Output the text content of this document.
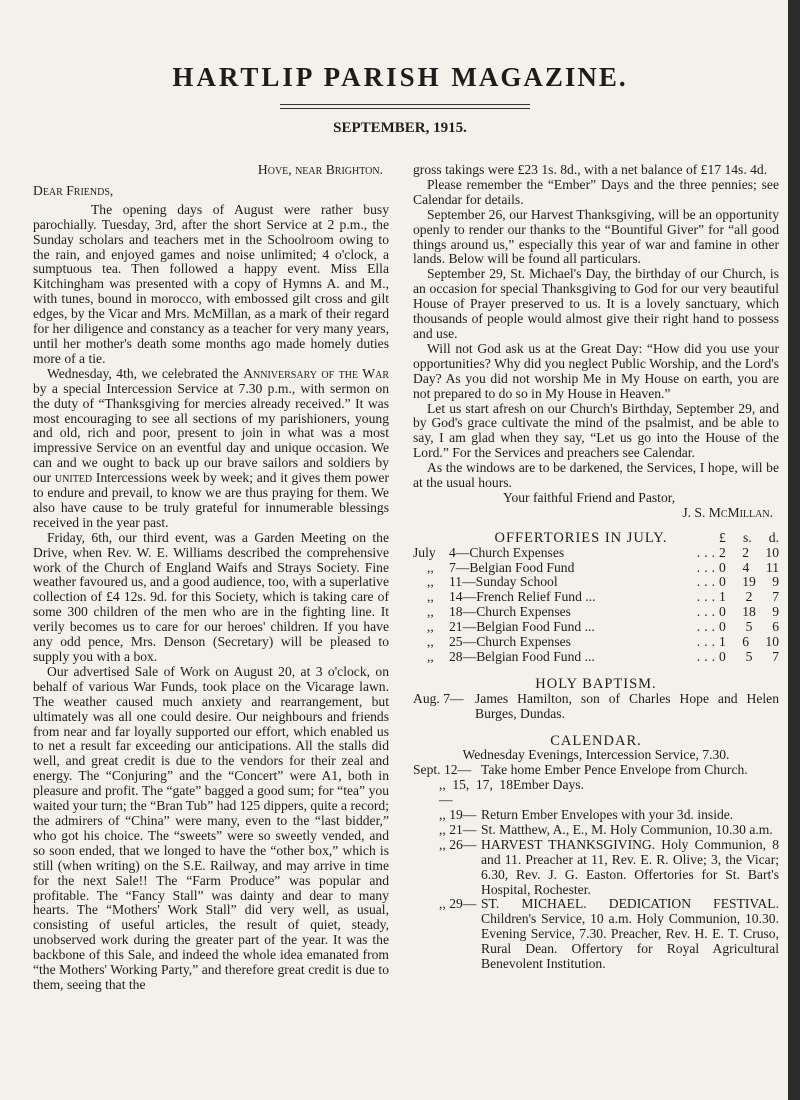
HARTLIP PARISH MAGAZINE.
SEPTEMBER, 1915.

Hove, near Brighton.

Dear Friends,

The opening days of August were rather busy parochially. Tuesday, 3rd, after the short Service at 2 p.m., the Sunday scholars and teachers met in the Schoolroom owing to the rain, and enjoyed games and noise unlimited; 4 o'clock, a sumptuous tea. Then followed a happy event. Miss Ella Kitchingham was presented with a copy of Hymns A. and M., with tunes, bound in morocco, with embossed gilt cross and gilt edges, by the Vicar and Mrs. McMillan, as a mark of their regard for her diligence and constancy as a teacher for very many years, until her mother's death some months ago made homely duties more of a tie.

Wednesday, 4th, we celebrated the Anniversary of the War by a special Intercession Service at 7.30 p.m., with sermon on the duty of “Thanksgiving for mercies already received.” It was most encouraging to see all sections of my parishioners, young and old, rich and poor, present to join in what was a most impressive Service on an eventful day and unique occasion. We can and we ought to back up our brave sailors and soldiers by our united Intercessions week by week; and it gives them power to endure and prevail, to know we are thus praying for them. We also have cause to be truly grateful for innumerable blessings received in the year past.

Friday, 6th, our third event, was a Garden Meeting on the Drive, when Rev. W. E. Williams described the comprehensive work of the Church of England Waifs and Strays Society. Fine weather favoured us, and a good audience, too, with a superlative collection of £4 12s. 9d. for this Society, which is taking care of some 300 children of the men who are in the fighting line. It verily becomes us to care for our heroes' children. If you have any odd pence, Mrs. Denson (Secretary) will be pleased to supply you with a box.

Our advertised Sale of Work on August 20, at 3 o'clock, on behalf of various War Funds, took place on the Vicarage lawn. The weather caused much anxiety and rearrangement, but ultimately was all one could desire. Our neighbours and friends from near and far loyally supported our effort, which enabled us to net a result far exceeding our anticipations. All the stalls did well, and great credit is due to the vendors for their zeal and energy. The “Conjuring” and the “Concert” were A1, both in pleasure and profit. The “gate” bagged a good sum; for “tea” you waited your turn; the “Bran Tub” had 125 dippers, quite a record; the admirers of “China” were many, even to the “last bidder,” who got his choice. The “sweets” were so sweetly vended, and so soon ended, that we longed to have the “other box,” which is still (when writing) on the S.E. Railway, and may arrive in time for the next Sale!! The “Farm Produce” was popular and profitable. The “Fancy Stall” was dainty and dear to many hearts. The “Mothers' Work Stall” did very well, as usual, consisting of useful articles, the result of quiet, steady, unobserved work during the greater part of the year. It was the backbone of this Sale, and indeed the whole idea emanated from “the Mothers' Working Party,” and therefore great credit is due to them, seeing that the

gross takings were £23 1s. 8d., with a net balance of £17 14s. 4d.

Please remember the “Ember” Days and the three pennies; see Calendar for details.

September 26, our Harvest Thanksgiving, will be an opportunity openly to render our thanks to the “Bountiful Giver” for “all good things around us,” especially this year of war and famine in other lands. Below will be found all particulars.

September 29, St. Michael's Day, the birthday of our Church, is an occasion for special Thanksgiving to God for our very beautiful House of Prayer preserved to us. It is a lovely sanctuary, which thousands of people would almost give their right hand to possess and use.

Will not God ask us at the Great Day: “How did you use your opportunities? Why did you neglect Public Worship, and the Lord's Day? As you did not worship Me in My House on earth, you are not prepared to do so in My House in Heaven.”

Let us start afresh on our Church's Birthday, September 29, and by God's grace cultivate the mind of the psalmist, and be able to say, I am glad when they say, “Let us go into the House of the Lord.” For the Services and preachers see Calendar.

As the windows are to be darkened, the Services, I hope, will be at the usual hours.

Your faithful Friend and Pastor,

J. S. McMillan.

OFFERTORIES IN JULY.	£ s. d.
July 4—Church Expenses	... 2 2 10
,,	7—Belgian Food Fund	... 0 4 11
,,	11—Sunday School	... 0 19 9
,,	14—French Relief Fund ...	... 1 2 7
,,	18—Church Expenses	... 0 18 9
,,	21—Belgian Food Fund ...	... 0 5 6
,,	25—Church Expenses	... 1 6 10
,,	28—Belgian Food Fund ...	... 0 5 7

HOLY BAPTISM.

Aug. 7— James Hamilton, son of Charles Hope and Helen Burges, Dundas.

CALENDAR.

Wednesday Evenings, Intercession Service, 7.30.

Sept. 12— Take home Ember Pence Envelope from Church.
,, 15, 17, 18—
Ember Days.
,, 19— Return Ember Envelopes with your 3d. inside.
,, 21— St. Matthew, A., E., M. Holy Communion, 10.30 a.m.
,, 26— HARVEST THANKSGIVING. Holy Communion, 8 and 11. Preacher at 11, Rev. E. R. Olive; 3, the Vicar; 6.30, Rev. J. G. Easton. Offertories for St. Bart's Hospital, Rochester.
,, 29— ST. MICHAEL. DEDICATION FESTIVAL. Children's Service, 10 a.m. Holy Communion, 10.30. Evening Service, 7.30. Preacher, Rev. H. E. T. Cruso, Rural Dean. Offertory for Royal Agricultural Benevolent Institution.
